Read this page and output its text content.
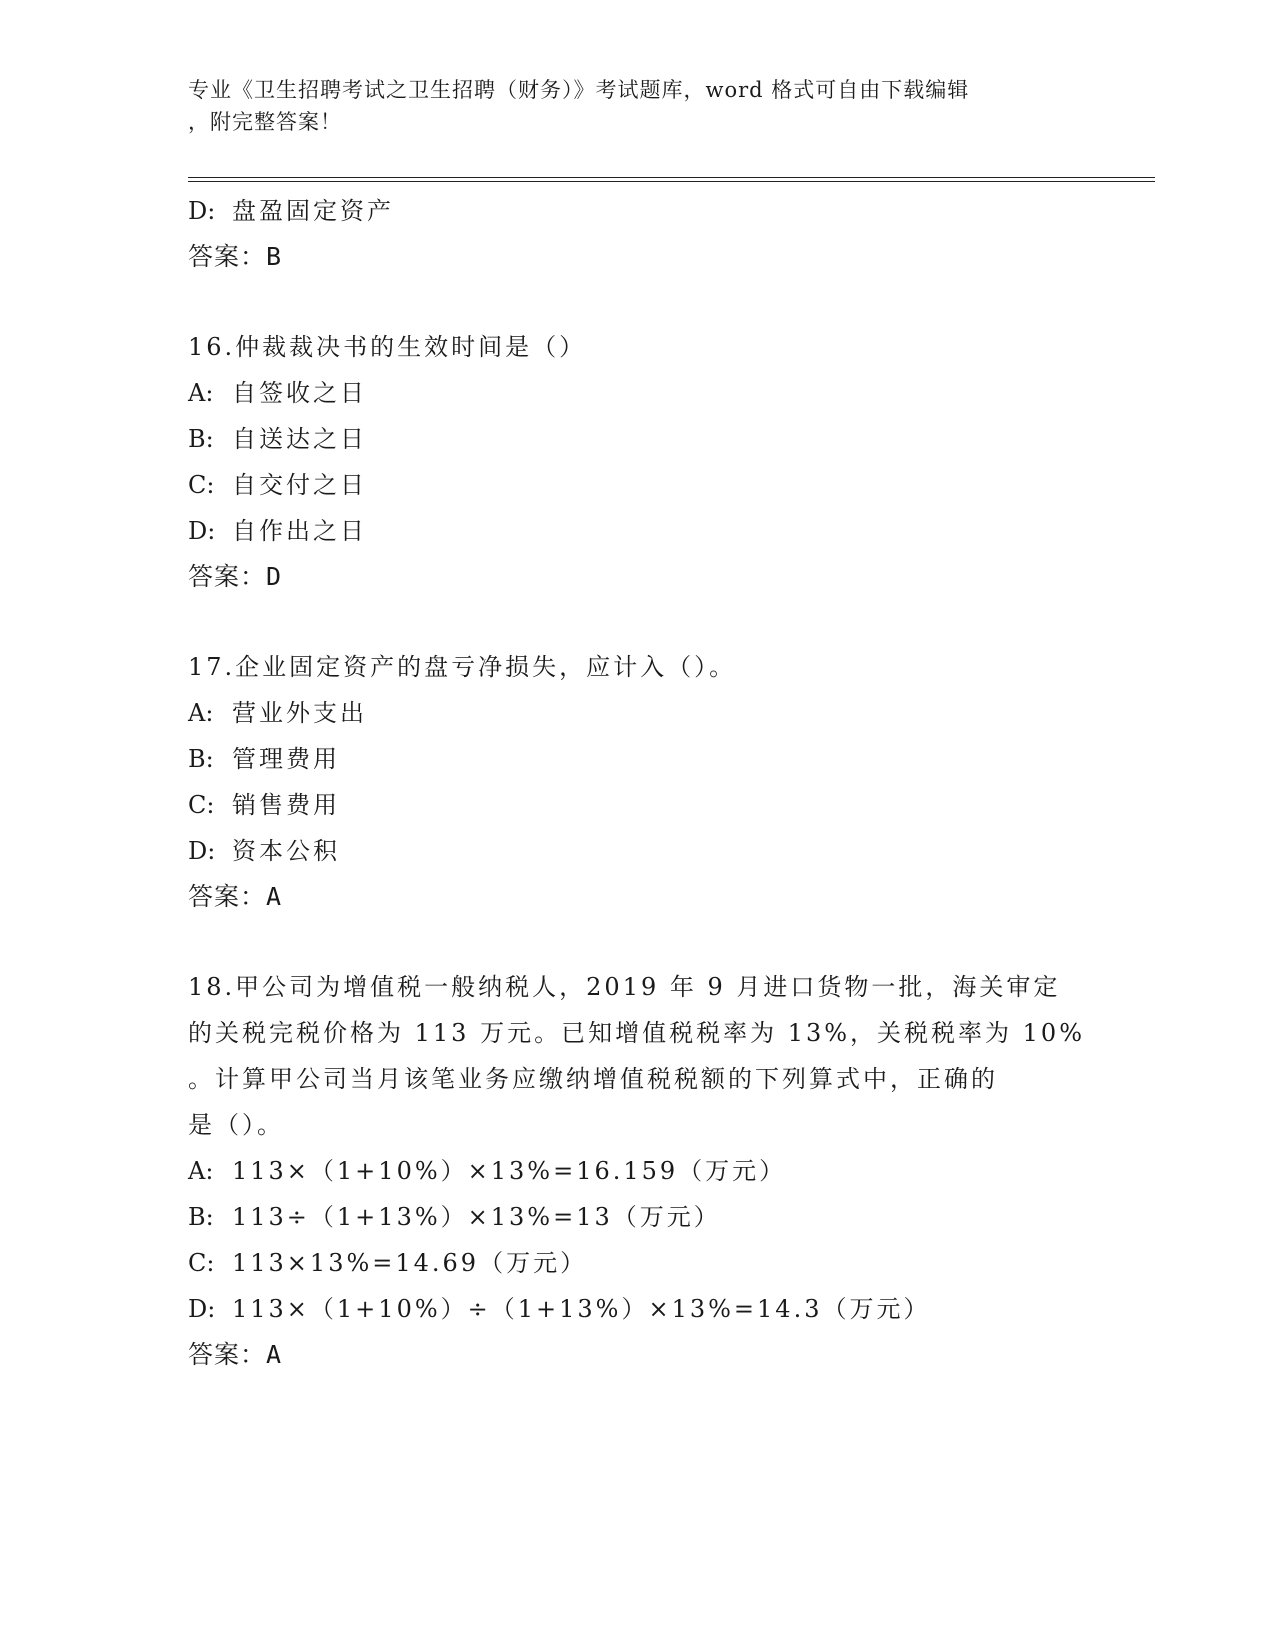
专业《卫生招聘考试之卫生招聘（财务）》考试题库，word 格式可自由下载编辑
，附完整答案！
D: 盘盈固定资产
答案：B
16.仲裁裁决书的生效时间是（）
A: 自签收之日
B: 自送达之日
C: 自交付之日
D: 自作出之日
答案：D
17.企业固定资产的盘亏净损失，应计入（）。
A: 营业外支出
B: 管理费用
C: 销售费用
D: 资本公积
答案：A
18.甲公司为增值税一般纳税人，2019 年 9 月进口货物一批，海关审定
的关税完税价格为 113 万元。已知增值税税率为 13%，关税税率为 10%
。计算甲公司当月该笔业务应缴纳增值税税额的下列算式中，正确的
是（）。
A: 113×（1+10%）×13%=16.159（万元）
B: 113÷（1+13%）×13%=13（万元）
C: 113×13%=14.69（万元）
D: 113×（1+10%）÷（1+13%）×13%=14.3（万元）
答案：A
